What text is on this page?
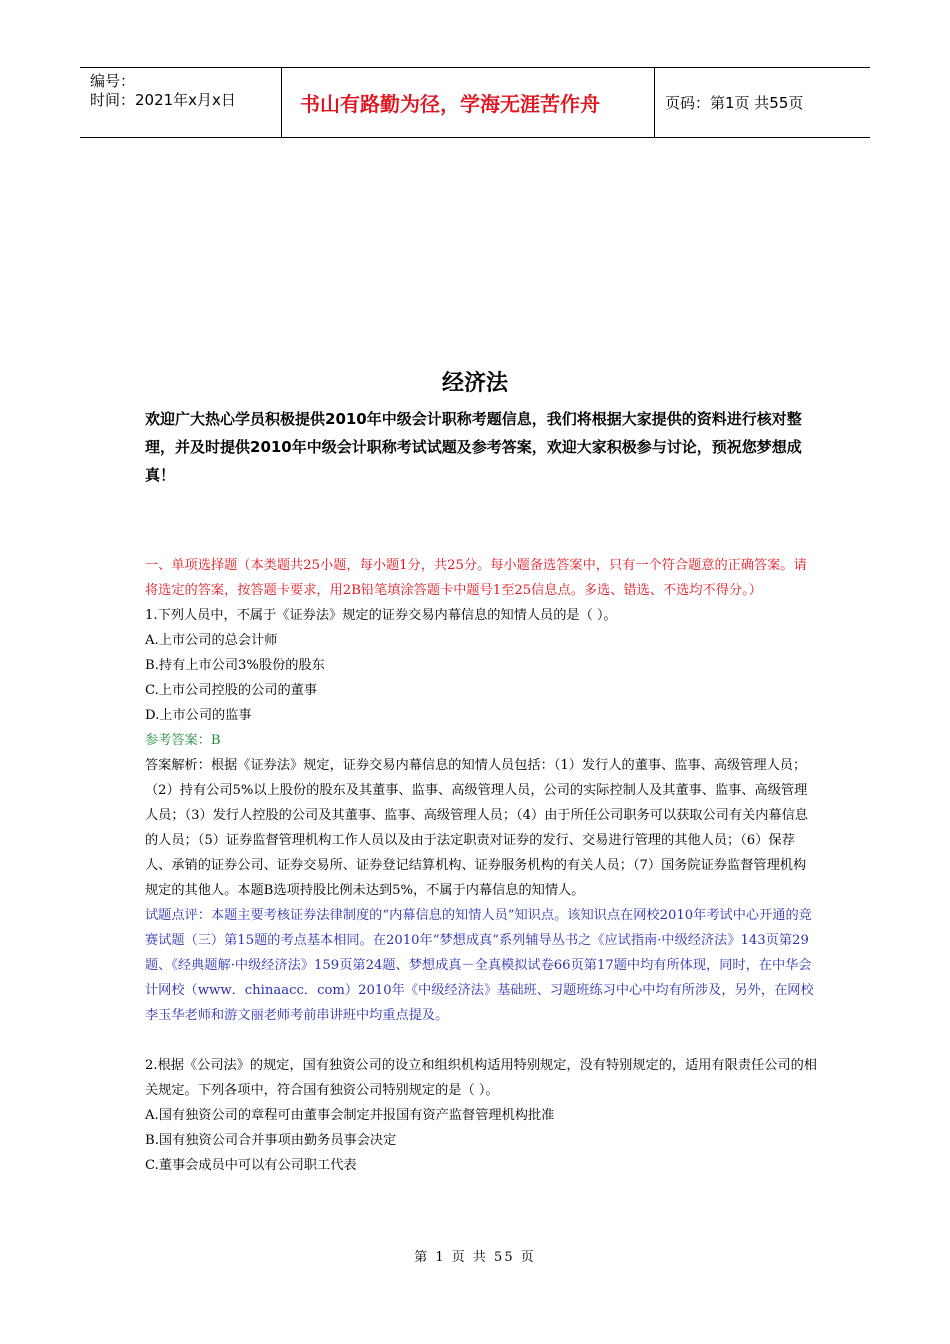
编号：
时间：2021年x月x日	书山有路勤为径，学海无涯苦作舟	页码：第1页 共55页
经济法
欢迎广大热心学员积极提供2010年中级会计职称考题信息，我们将根据大家提供的资料进行核对整理，并及时提供2010年中级会计职称考试试题及参考答案，欢迎大家积极参与讨论，预祝您梦想成真！

一、单项选择题（本类题共25小题，每小题1分，共25分。每小题备选答案中，只有一个符合题意的正确答案。请将选定的答案，按答题卡要求，用2B铅笔填涂答题卡中题号1至25信息点。多选、错选、不选均不得分。）

1.下列人员中，不属于《证券法》规定的证券交易内幕信息的知情人员的是（ ）。

A.上市公司的总会计师

B.持有上市公司3%股份的股东

C.上市公司控股的公司的董事

D.上市公司的监事

参考答案：B

答案解析：根据《证券法》规定，证券交易内幕信息的知情人员包括：（1）发行人的董事、监事、高级管理人员；（2）持有公司5%以上股份的股东及其董事、监事、高级管理人员，公司的实际控制人及其董事、监事、高级管理人员；（3）发行人控股的公司及其董事、监事、高级管理人员；（4）由于所任公司职务可以获取公司有关内幕信息的人员；（5）证券监督管理机构工作人员以及由于法定职责对证券的发行、交易进行管理的其他人员；（6）保荐人、承销的证券公司、证券交易所、证券登记结算机构、证券服务机构的有关人员；（7）国务院证券监督管理机构规定的其他人。本题B选项持股比例未达到5%，不属于内幕信息的知情人。

试题点评：本题主要考核证券法律制度的“内幕信息的知情人员”知识点。该知识点在网校2010年考试中心开通的竞赛试题（三）第15题的考点基本相同。在2010年“梦想成真”系列辅导丛书之《应试指南·中级经济法》143页第29题、《经典题解·中级经济法》159页第24题、梦想成真－全真模拟试卷66页第17题中均有所体现，同时，在中华会计网校（www．chinaacc．com）2010年《中级经济法》基础班、习题班练习中心中均有所涉及，另外，在网校李玉华老师和游文丽老师考前串讲班中均重点提及。

2.根据《公司法》的规定，国有独资公司的设立和组织机构适用特别规定，没有特别规定的，适用有限责任公司的相关规定。下列各项中，符合国有独资公司特别规定的是（ ）。

A.国有独资公司的章程可由董事会制定并报国有资产监督管理机构批准

B.国有独资公司合并事项由勤务员事会决定

C.董事会成员中可以有公司职工代表

第 1 页 共 55 页
